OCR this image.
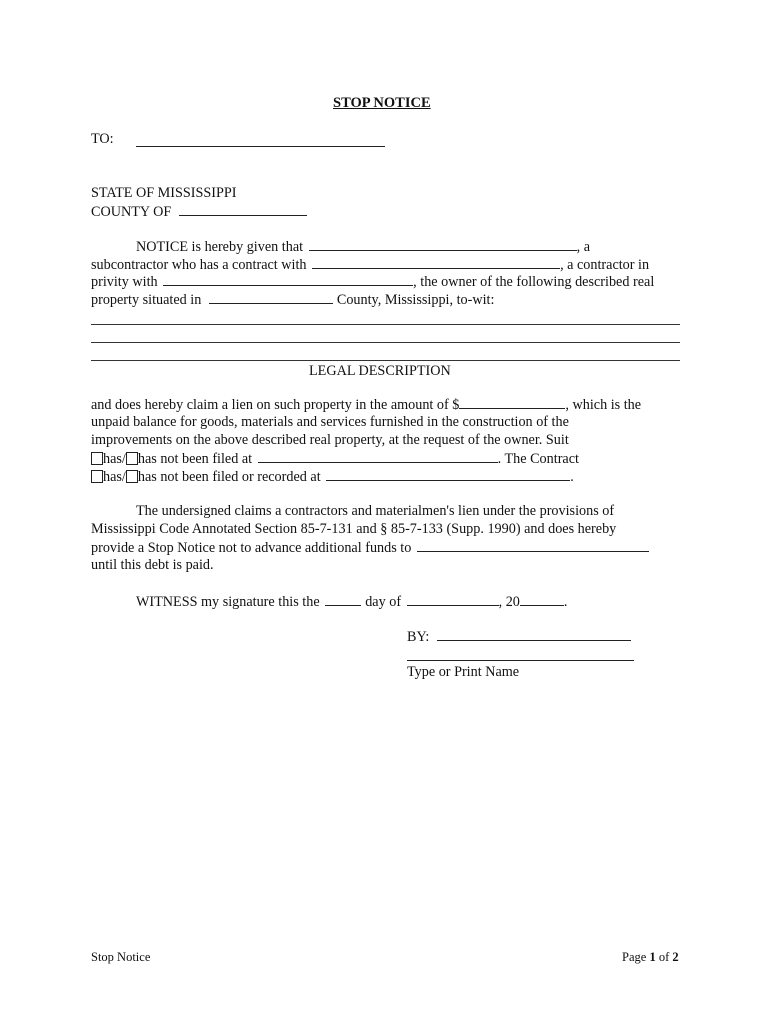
STOP NOTICE
TO:
STATE OF MISSISSIPPI
COUNTY OF
NOTICE is hereby given that	, a
subcontractor who has a contract with	, a contractor in
privity with	, the owner of the following described real
property situated in	County, Mississippi, to-wit:
LEGAL DESCRIPTION
and does hereby claim a lien on such property in the amount of $	, which is the
unpaid balance for goods, materials and services furnished in the construction of the
improvements on the above described real property, at the request of the owner. Suit
has/ has not been filed at	. The Contract
has/ has not been filed or recorded at	.
The undersigned claims a contractors and materialmen's lien under the provisions of
Mississippi Code Annotated Section 85-7-131 and § 85-7-133 (Supp. 1990) and does hereby
provide a Stop Notice not to advance additional funds to
until this debt is paid.
WITNESS my signature this the	day of	, 20	.
BY:
Type or Print Name
Stop Notice	Page 1 of 2
